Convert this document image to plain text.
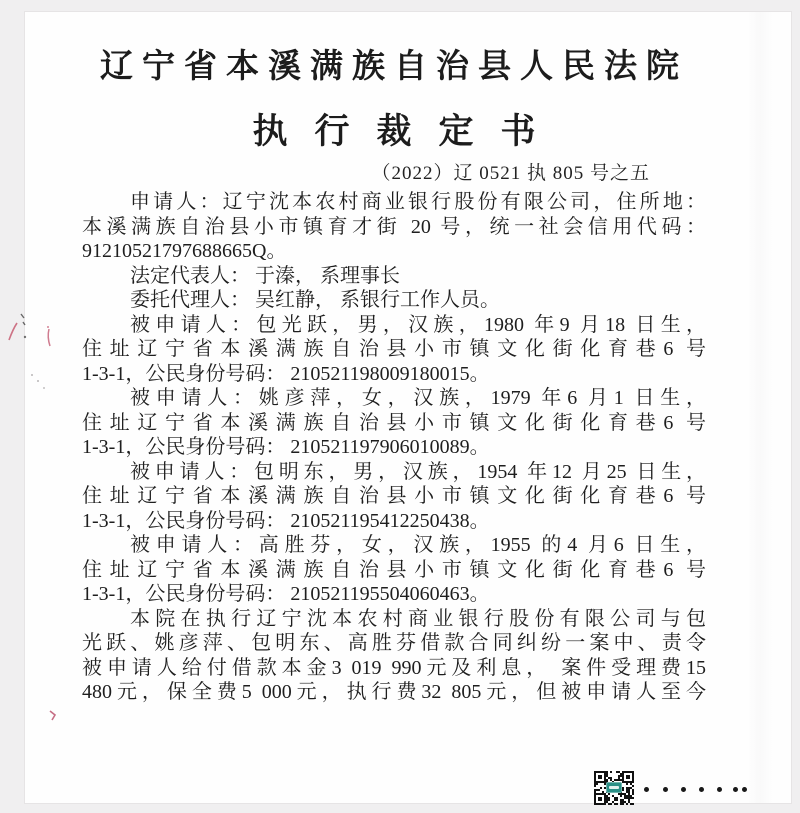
辽宁省本溪满族自治县人民法院
执行裁定书
（2022）辽 0521 执 805 号之五
申请人：辽宁沈本农村商业银行股份有限公司，住所地：
本溪满族自治县小市镇育才街 20 号，统一社会信用代码：
91210521797688665Q。
法定代表人： 于溱， 系理事长
委托代理人： 吴红静， 系银行工作人员。
被申请人：包光跃，男，汉族，1980 年9 月18 日生，
住址辽宁省本溪满族自治县小市镇文化街化育巷6 号
1-3-1，公民身份号码： 210521198009180015。
被申请人：姚彦萍，女，汉族，1979 年6 月1 日生，
住址辽宁省本溪满族自治县小市镇文化街化育巷6 号
1-3-1，公民身份号码： 210521197906010089。
被申请人：包明东，男，汉族，1954 年12 月25 日生，
住址辽宁省本溪满族自治县小市镇文化街化育巷6 号
1-3-1，公民身份号码： 210521195412250438。
被申请人：高胜芬，女，汉族，1955 的4 月6 日生，
住址辽宁省本溪满族自治县小市镇文化街化育巷6 号
1-3-1，公民身份号码： 210521195504060463。
本院在执行辽宁沈本农村商业银行股份有限公司与包
光跃、姚彦萍、包明东、高胜芬借款合同纠纷一案中、责令
被申请人给付借款本金3 019 990元及利息， 案件受理费15
480元，保全费5 000元，执行费32 805元，但被申请人至今
